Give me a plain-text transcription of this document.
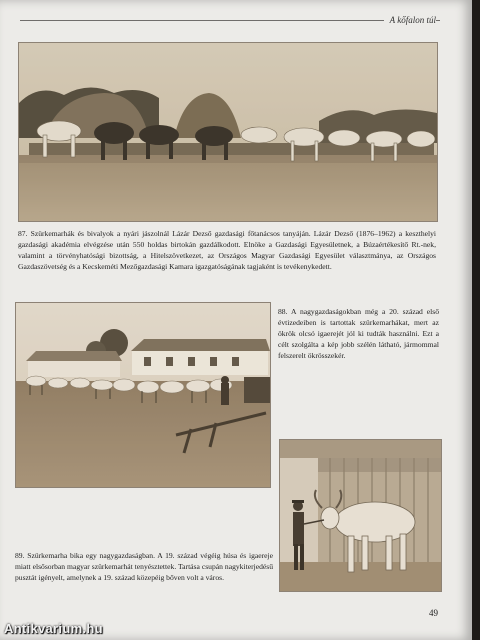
A kőfalon túl
87. Szürkemarhák és bivalyok a nyári jászolnál Lázár Dezső gazdasági főtanácsos tanyáján. Lázár Dezső (1876–1962) a keszthelyi gazdasági akadémia elvégzése után 550 holdas birtokán gazdálkodott. Elnöke a Gazdasági Egyesületnek, a Búzaértékesítő Rt.-nek, valamint a törvényhatósági bizottság, a Hitelszövetkezet, az Országos Magyar Gazdasági Egyesület választmánya, az Országos Gazdaszövetség és a Kecskeméti Mezőgazdasági Kamara igazgatóságának tagjaként is tevékenykedett.
88. A nagygazdaságokban még a 20. század első évtizedeiben is tartottak szürkemarhákat, mert az ökrök olcsó igaerejét jól ki tudták használni. Ezt a célt szolgálta a kép jobb szélén látható, jármommal felszerelt ökrösszekér.
89. Szürkemarha bika egy nagygazdaságban. A 19. század végéig húsa és igaereje miatt elsősorban magyar szürkemarhát tenyésztettek. Tartása csupán nagykiterjedésű pusztát igényelt, amelynek a 19. század közepéig bőven volt a város.
49
Antikvarium.hu
